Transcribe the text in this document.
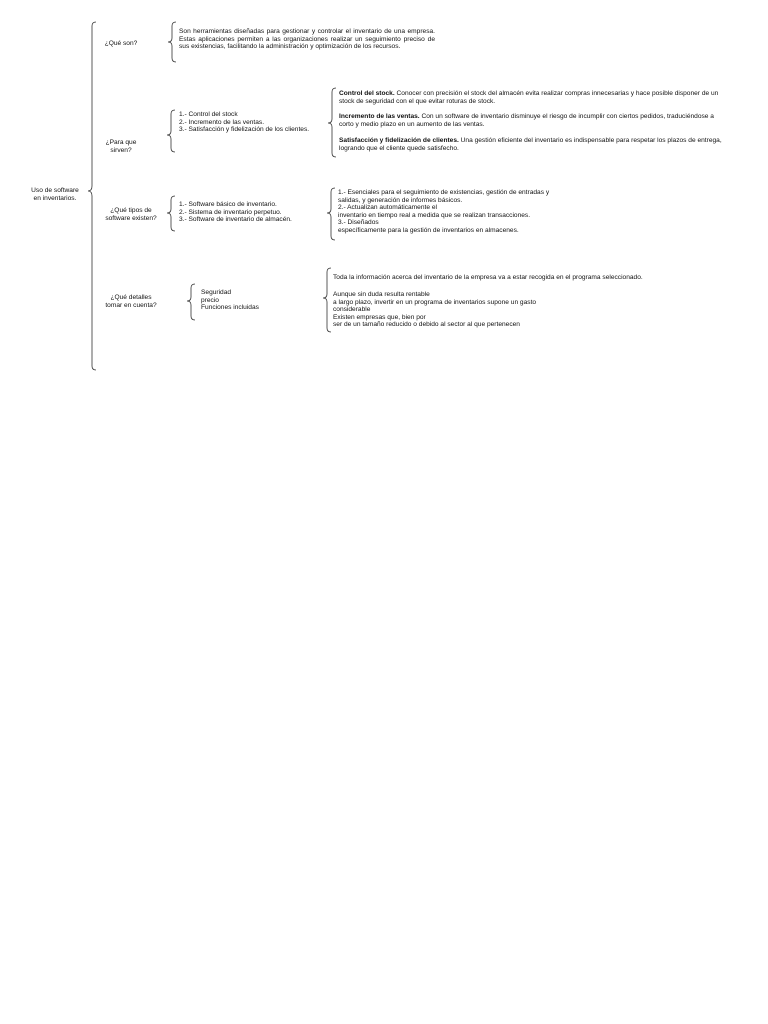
Uso de software
en inventarios.
¿Qué son?
¿Para que
sirven?
¿Qué tipos de
software existen?
¿Qué detalles
tomar en cuenta?
Son herramientas diseñadas para gestionar y controlar el inventario de una empresa. Estas aplicaciones permiten a las organizaciones realizar un seguimiento preciso de sus existencias, facilitando la administración y optimización de los recursos.
1.- Control del stock
2.- Incremento de las ventas.
3.- Satisfacción y fidelización de los clientes.
Control del stock. Conocer con precisión el stock del almacén evita realizar compras innecesarias y hace posible disponer de un stock de seguridad con el que evitar roturas de stock.
Incremento de las ventas. Con un software de inventario disminuye el riesgo de incumplir con ciertos pedidos, traduciéndose a corto y medio plazo en un aumento de las ventas.
Satisfacción y fidelización de clientes. Una gestión eficiente del inventario es indispensable para respetar los plazos de entrega, logrando que el cliente quede satisfecho.
1.- Software básico de inventario.
2.- Sistema de inventario perpetuo.
3.- Software de inventario de almacén.
1.- Esenciales para el seguimiento de existencias, gestión de entradas y
salidas, y generación de informes básicos.
2.- Actualizan automáticamente el
inventario en tiempo real a medida que se realizan transacciones.
3.- Diseñados
específicamente para la gestión de inventarios en almacenes.
Seguridad
precio
Funciones incluidas
Toda la información acerca del inventario de la empresa va a estar recogida en el programa seleccionado.
Aunque sin duda resulta rentable
a largo plazo, invertir en un programa de inventarios supone un gasto
considerable
Existen empresas que, bien por
ser de un tamaño reducido o debido al sector al que pertenecen
